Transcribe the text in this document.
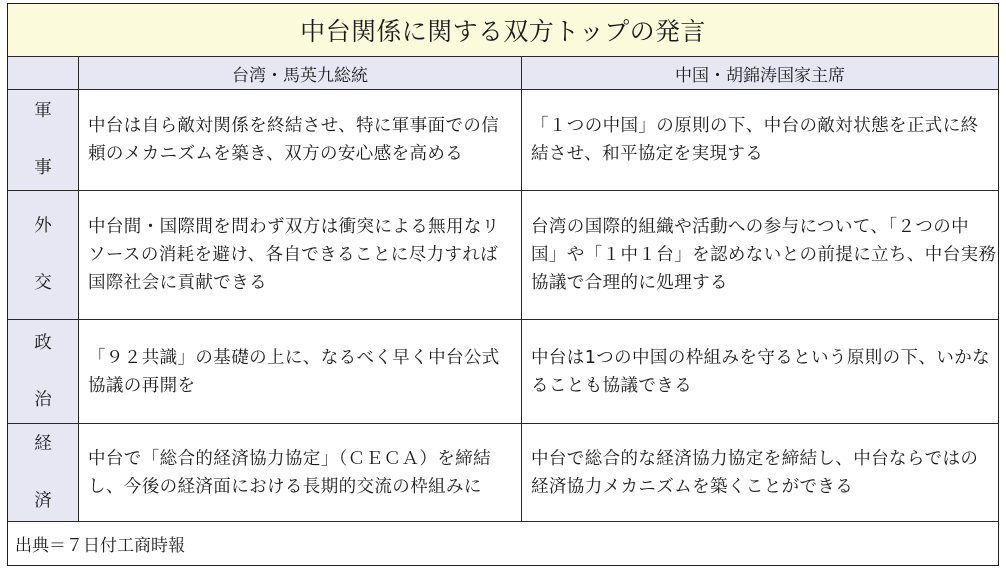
中台関係に関する双方トップの発言
台湾・馬英九総統	中国・胡錦涛国家主席
軍
事
中台は自ら敵対関係を終結させ、特に軍事面での信
頼のメカニズムを築き、双方の安心感を高める
「１つの中国」の原則の下、中台の敵対状態を正式に終
結させ、和平協定を実現する
外
交
中台間・国際間を問わず双方は衝突による無用なリ
ソースの消耗を避け、各自できることに尽力すれば
国際社会に貢献できる
台湾の国際的組織や活動への参与について、「２つの中
国」や「１中１台」を認めないとの前提に立ち、中台実務
協議で合理的に処理する
政
治
「９２共識」の基礎の上に、なるべく早く中台公式
協議の再開を
中台は1つの中国の枠組みを守るという原則の下、いかな
ることも協議できる
経
済
中台で「総合的経済協力協定」（ＣＥＣＡ）を締結
し、今後の経済面における長期的交流の枠組みに
中台で総合的な経済協力協定を締結し、中台ならではの
経済協力メカニズムを築くことができる
出典＝７日付工商時報
